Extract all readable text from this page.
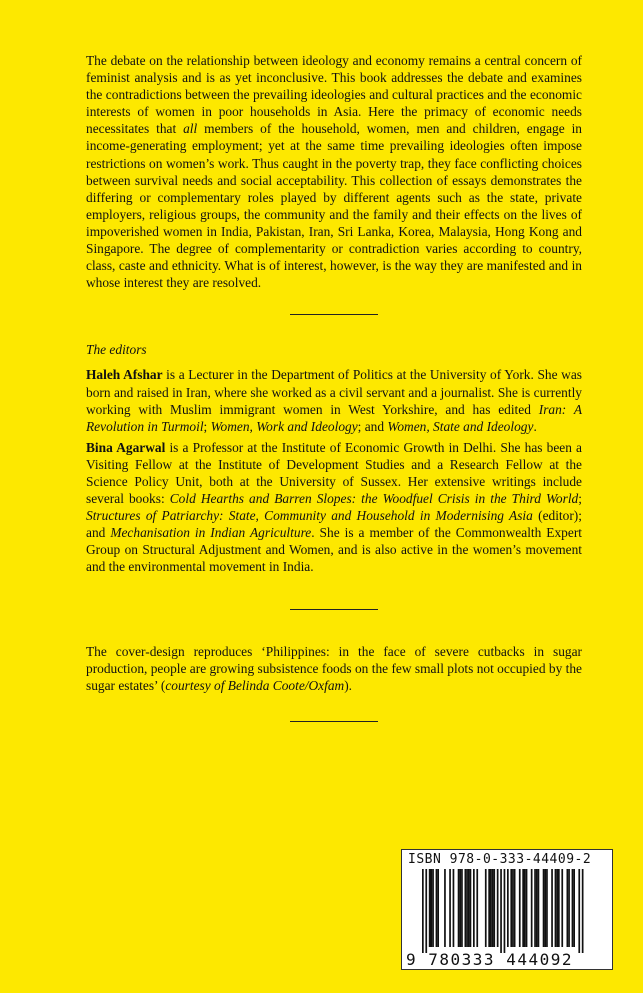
The debate on the relationship between ideology and economy remains a central concern of feminist analysis and is as yet inconclusive. This book addresses the debate and examines the contradictions between the prevailing ideologies and cultural practices and the economic interests of women in poor households in Asia. Here the primacy of economic needs necessitates that all members of the household, women, men and children, engage in income-generating employment; yet at the same time prevailing ideologies often impose restrictions on women’s work. Thus caught in the poverty trap, they face conflicting choices between survival needs and social acceptability. This collection of essays demonstrates the differing or complementary roles played by different agents such as the state, private employers, religious groups, the community and the family and their effects on the lives of impoverished women in India, Pakistan, Iran, Sri Lanka, Korea, Malaysia, Hong Kong and Singapore. The degree of complementarity or contradiction varies according to country, class, caste and ethnicity. What is of interest, however, is the way they are manifested and in whose interest they are resolved.

The editors

Haleh Afshar is a Lecturer in the Department of Politics at the University of York. She was born and raised in Iran, where she worked as a civil servant and a journalist. She is currently working with Muslim immigrant women in West Yorkshire, and has edited Iran: A Revolution in Turmoil; Women, Work and Ideology; and Women, State and Ideology.

Bina Agarwal is a Professor at the Institute of Economic Growth in Delhi. She has been a Visiting Fellow at the Institute of Development Studies and a Research Fellow at the Science Policy Unit, both at the University of Sussex. Her extensive writings include several books: Cold Hearths and Barren Slopes: the Woodfuel Crisis in the Third World; Structures of Patriarchy: State, Community and Household in Modernising Asia (editor); and Mechanisation in Indian Agriculture. She is a member of the Commonwealth Expert Group on Structural Adjustment and Women, and is also active in the women’s movement and the environmental movement in India.

The cover-design reproduces ‘Philippines: in the face of severe cutbacks in sugar production, people are growing subsistence foods on the few small plots not occupied by the sugar estates’ (courtesy of Belinda Coote/Oxfam).

ISBN 978-0-333-44409-2
9 780333 444092
